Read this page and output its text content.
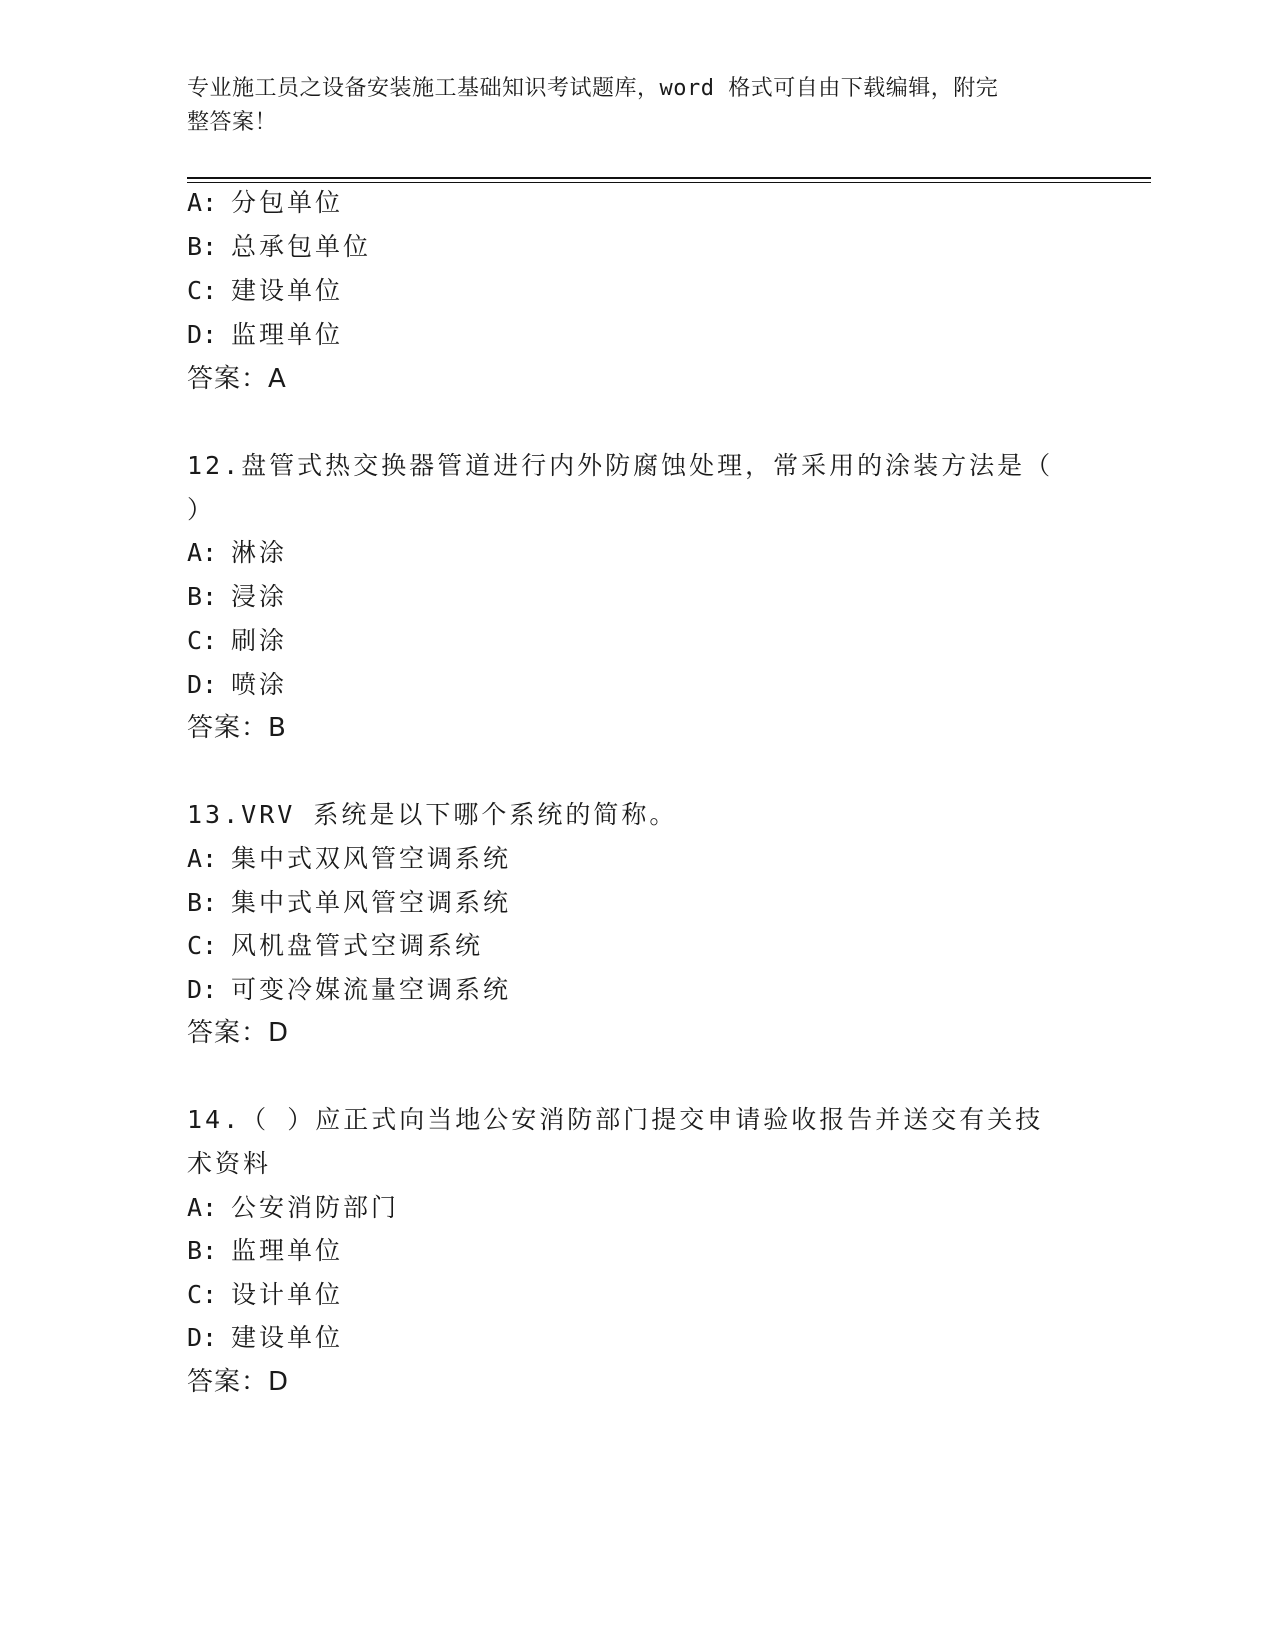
专业施工员之设备安装施工基础知识考试题库，word 格式可自由下载编辑，附完
整答案！
A: 分包单位
B: 总承包单位
C: 建设单位
D: 监理单位
答案：A
12.盘管式热交换器管道进行内外防腐蚀处理，常采用的涂装方法是（
）
A: 淋涂
B: 浸涂
C: 刷涂
D: 喷涂
答案：B
13.VRV 系统是以下哪个系统的简称。
A: 集中式双风管空调系统
B: 集中式单风管空调系统
C: 风机盘管式空调系统
D: 可变冷媒流量空调系统
答案：D
14.（ ）应正式向当地公安消防部门提交申请验收报告并送交有关技
术资料
A: 公安消防部门
B: 监理单位
C: 设计单位
D: 建设单位
答案：D
